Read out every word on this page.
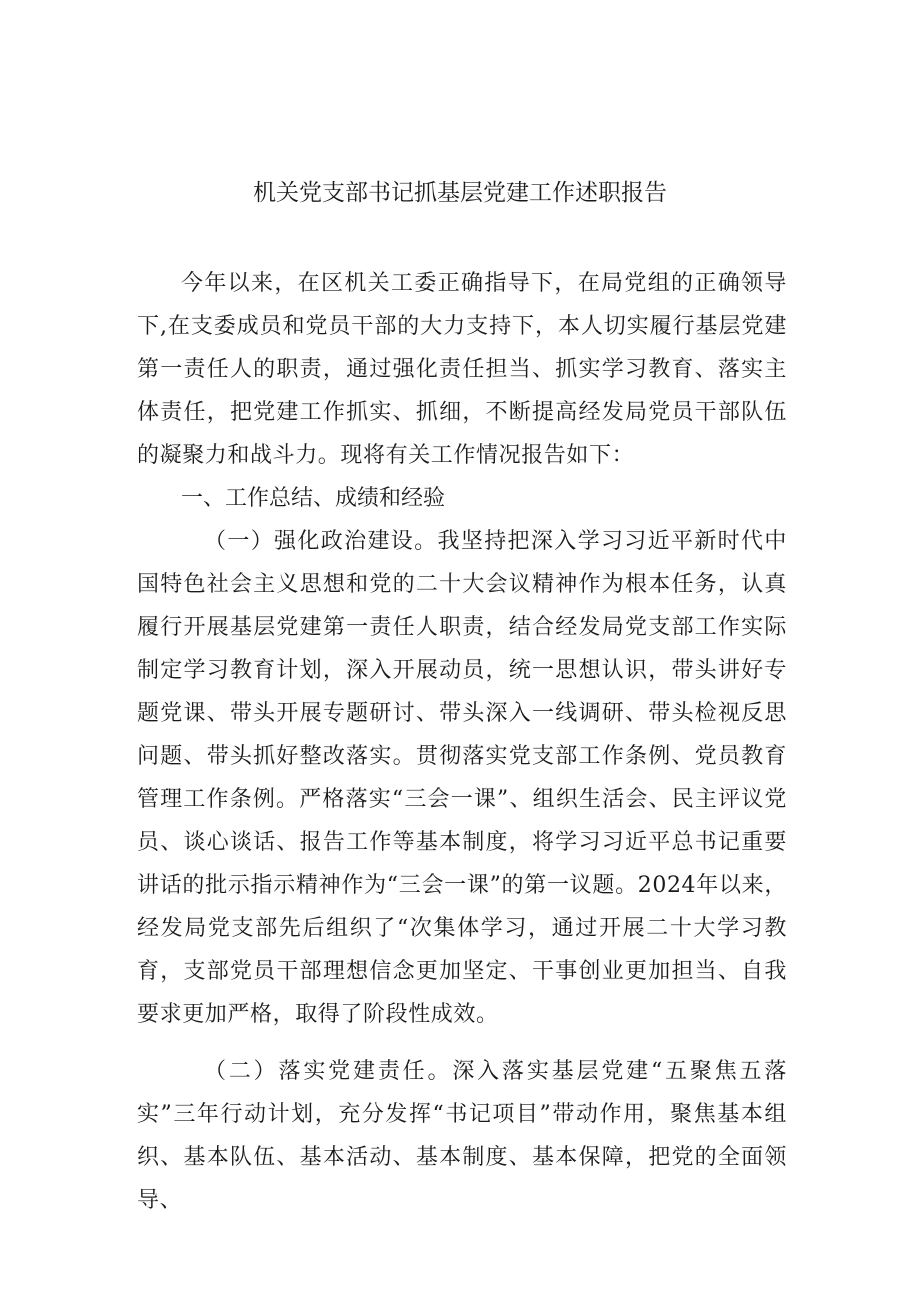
机关党支部书记抓基层党建工作述职报告

今年以来，在区机关工委正确指导下，在局党组的正确领导下,在支委成员和党员干部的大力支持下，本人切实履行基层党建第一责任人的职责，通过强化责任担当、抓实学习教育、落实主体责任，把党建工作抓实、抓细，不断提高经发局党员干部队伍的凝聚力和战斗力。现将有关工作情况报告如下：

一、工作总结、成绩和经验

（一）强化政治建设。我坚持把深入学习习近平新时代中国特色社会主义思想和党的二十大会议精神作为根本任务，认真履行开展基层党建第一责任人职责，结合经发局党支部工作实际制定学习教育计划，深入开展动员，统一思想认识，带头讲好专题党课、带头开展专题研讨、带头深入一线调研、带头检视反思问题、带头抓好整改落实。贯彻落实党支部工作条例、党员教育管理工作条例。严格落实“三会一课”、组织生活会、民主评议党员、谈心谈话、报告工作等基本制度，将学习习近平总书记重要讲话的批示指示精神作为“三会一课”的第一议题。2024年以来，经发局党支部先后组织了“次集体学习，通过开展二十大学习教育，支部党员干部理想信念更加坚定、干事创业更加担当、自我要求更加严格，取得了阶段性成效。

（二）落实党建责任。深入落实基层党建“五聚焦五落实”三年行动计划，充分发挥“书记项目”带动作用，聚焦基本组织、基本队伍、基本活动、基本制度、基本保障，把党的全面领导、
